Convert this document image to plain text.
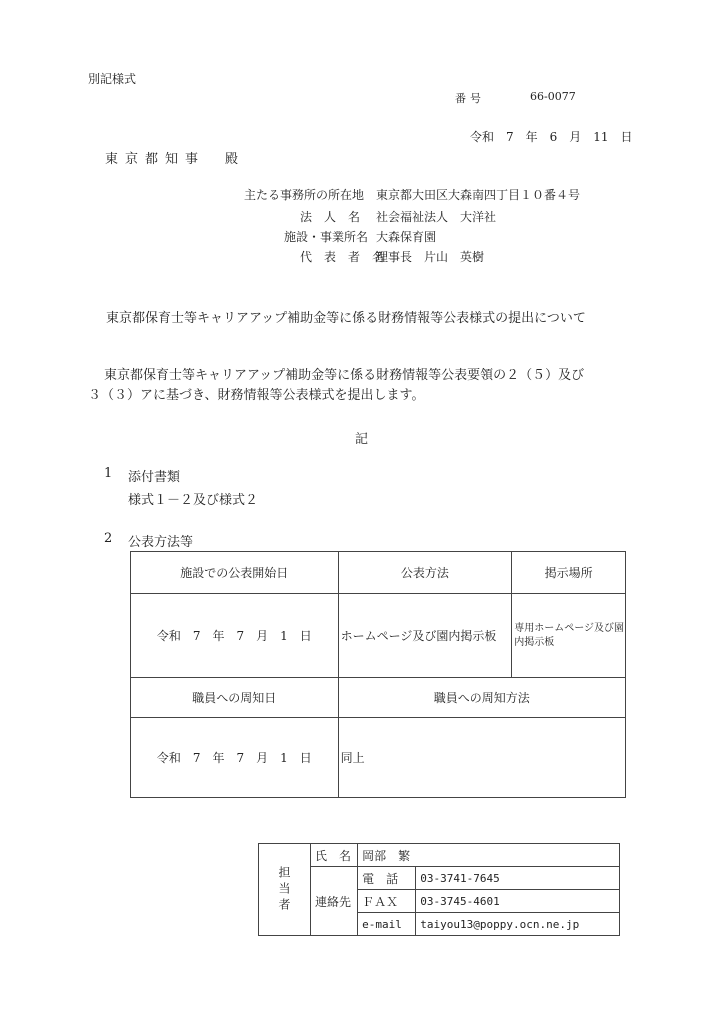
別記様式
番号	66-0077
令和　7　年　6　月　11　日
東京都知事　殿
主たる事務所の所在地 東京都大田区大森南四丁目１０番４号
法　人　名 社会福祉法人　大洋社
施設・事業所名 大森保育園
代　表　者　名
理事長　片山　英樹
東京都保育士等キャリアアップ補助金等に係る財務情報等公表様式の提出について
東京都保育士等キャリアアップ補助金等に係る財務情報等公表要領の２（５）及び
３（３）アに基づき、財務情報等公表様式を提出します。
記
1 添付書類
様式１－２及び様式２
2 公表方法等
施設での公表開始日	公表方法	掲示場所
令和　7　年　7　月　1　日	ホームページ及び園内掲示板	専用ホームページ及び園内掲示板
職員への周知日	職員への周知方法	
令和　7　年　7　月　1　日	同上	
担当者	氏　名	岡部　繁	
	連絡先	電　話	03-3741-7645
		ＦＡＸ	03-3745-4601
		e-mail	taiyou13@poppy.ocn.ne.jp
